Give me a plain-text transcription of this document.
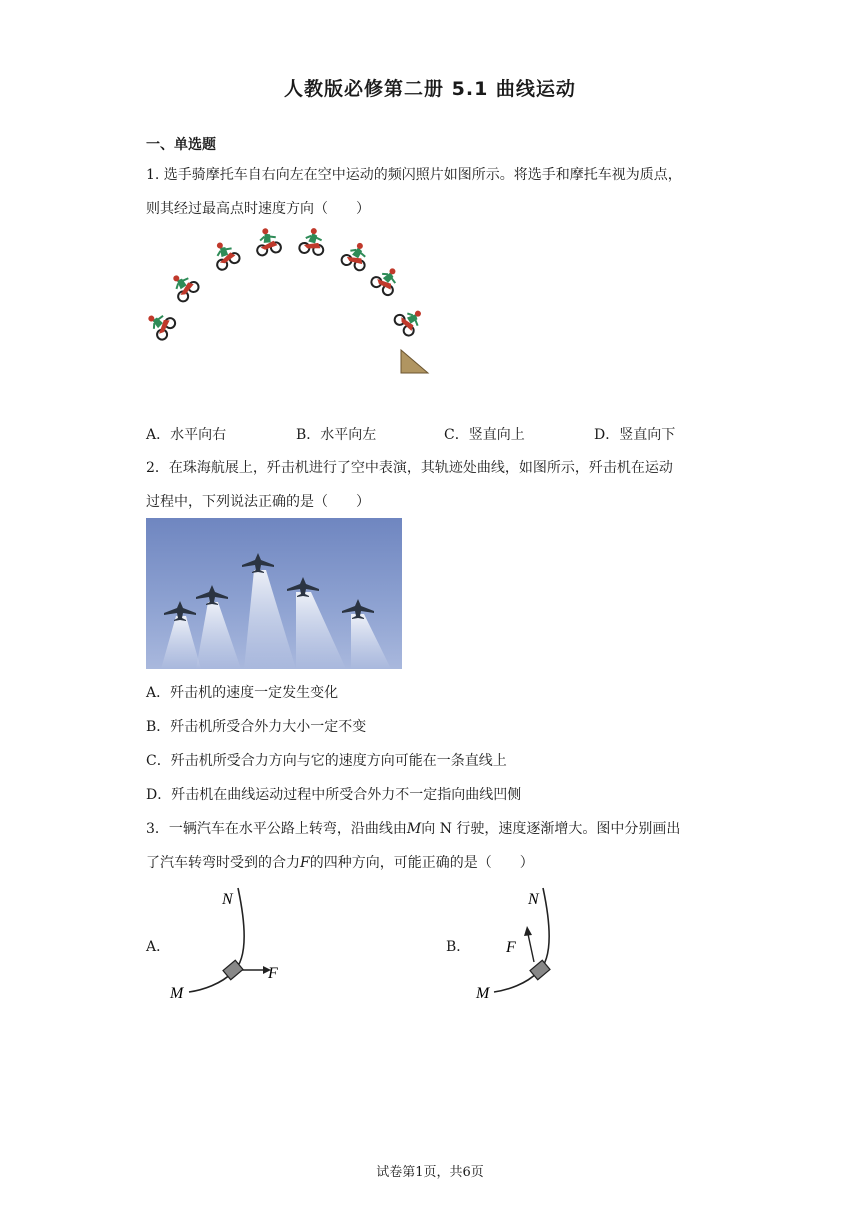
人教版必修第二册 5.1 曲线运动
一、单选题
1. 选手骑摩托车自右向左在空中运动的频闪照片如图所示。将选手和摩托车视为质点，
则其经过最高点时速度方向（　　）
A．水平向右	B．水平向左	C．竖直向上	D．竖直向下
2．在珠海航展上，歼击机进行了空中表演，其轨迹处曲线，如图所示，歼击机在运动
过程中，下列说法正确的是（　　）
A．歼击机的速度一定发生变化
B．歼击机所受合外力大小一定不变
C．歼击机所受合力方向与它的速度方向可能在一条直线上
D．歼击机在曲线运动过程中所受合外力不一定指向曲线凹侧
3．一辆汽车在水平公路上转弯，沿曲线由M向 N 行驶，速度逐渐增大。图中分别画出
了汽车转弯时受到的合力F的四种方向，可能正确的是（　　）
A．
N
M
F
B．
N
M
F
试卷第1页，共6页
